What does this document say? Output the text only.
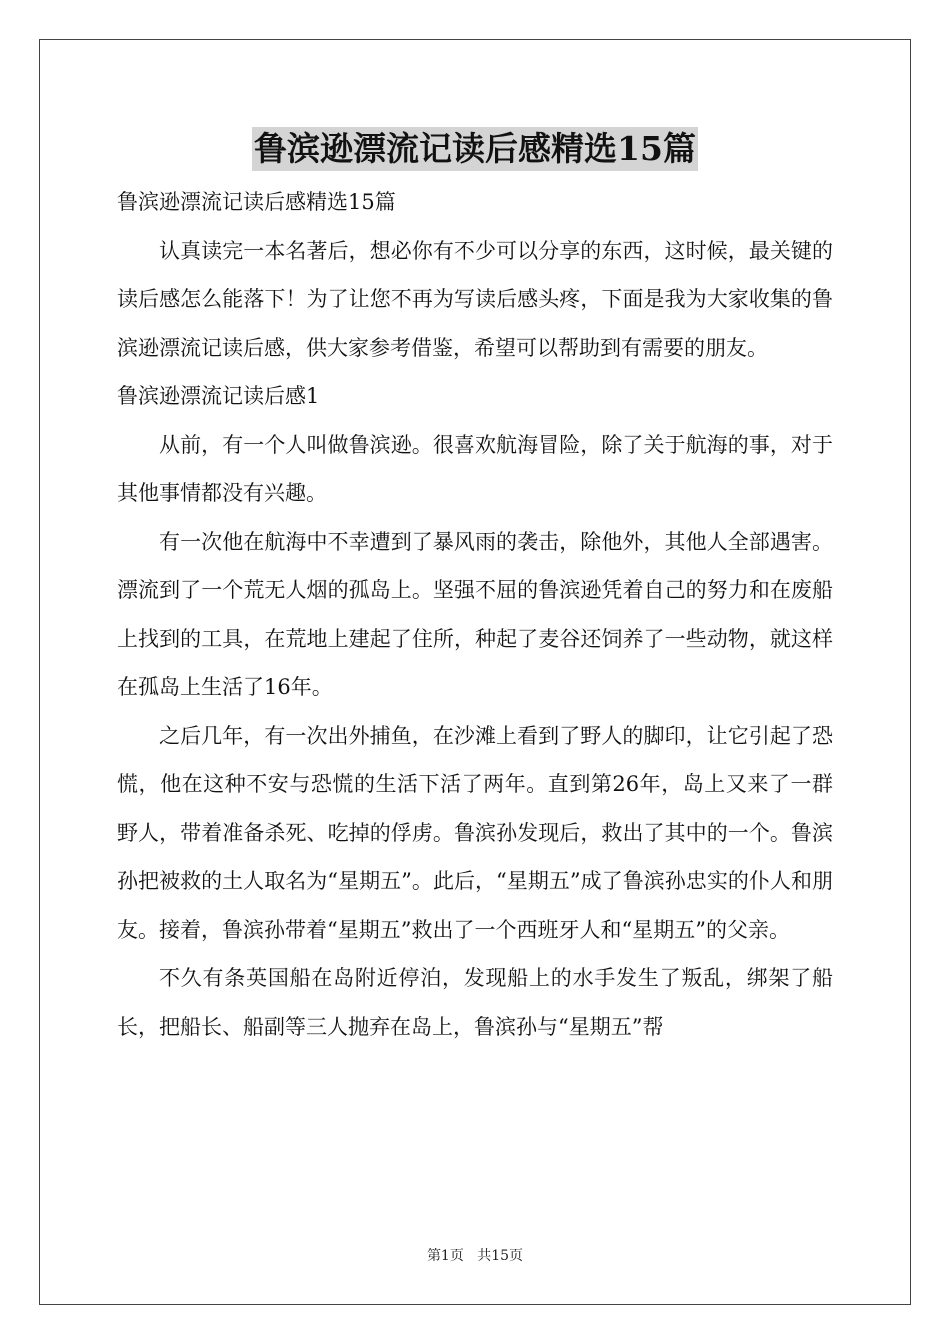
鲁滨逊漂流记读后感精选15篇

鲁滨逊漂流记读后感精选15篇

认真读完一本名著后，想必你有不少可以分享的东西，这时候，最关键的读后感怎么能落下！为了让您不再为写读后感头疼，下面是我为大家收集的鲁滨逊漂流记读后感，供大家参考借鉴，希望可以帮助到有需要的朋友。

鲁滨逊漂流记读后感1

从前，有一个人叫做鲁滨逊。很喜欢航海冒险，除了关于航海的事，对于其他事情都没有兴趣。

有一次他在航海中不幸遭到了暴风雨的袭击，除他外，其他人全部遇害。漂流到了一个荒无人烟的孤岛上。坚强不屈的鲁滨逊凭着自己的努力和在废船上找到的工具，在荒地上建起了住所，种起了麦谷还饲养了一些动物，就这样在孤岛上生活了16年。

之后几年，有一次出外捕鱼，在沙滩上看到了野人的脚印，让它引起了恐慌，他在这种不安与恐慌的生活下活了两年。直到第26年，岛上又来了一群野人，带着准备杀死、吃掉的俘虏。鲁滨孙发现后，救出了其中的一个。鲁滨孙把被救的土人取名为“星期五”。此后，“星期五”成了鲁滨孙忠实的仆人和朋友。接着，鲁滨孙带着“星期五”救出了一个西班牙人和“星期五”的父亲。

不久有条英国船在岛附近停泊，发现船上的水手发生了叛乱，绑架了船长，把船长、船副等三人抛弃在岛上，鲁滨孙与“星期五”帮

第1页 共15页
